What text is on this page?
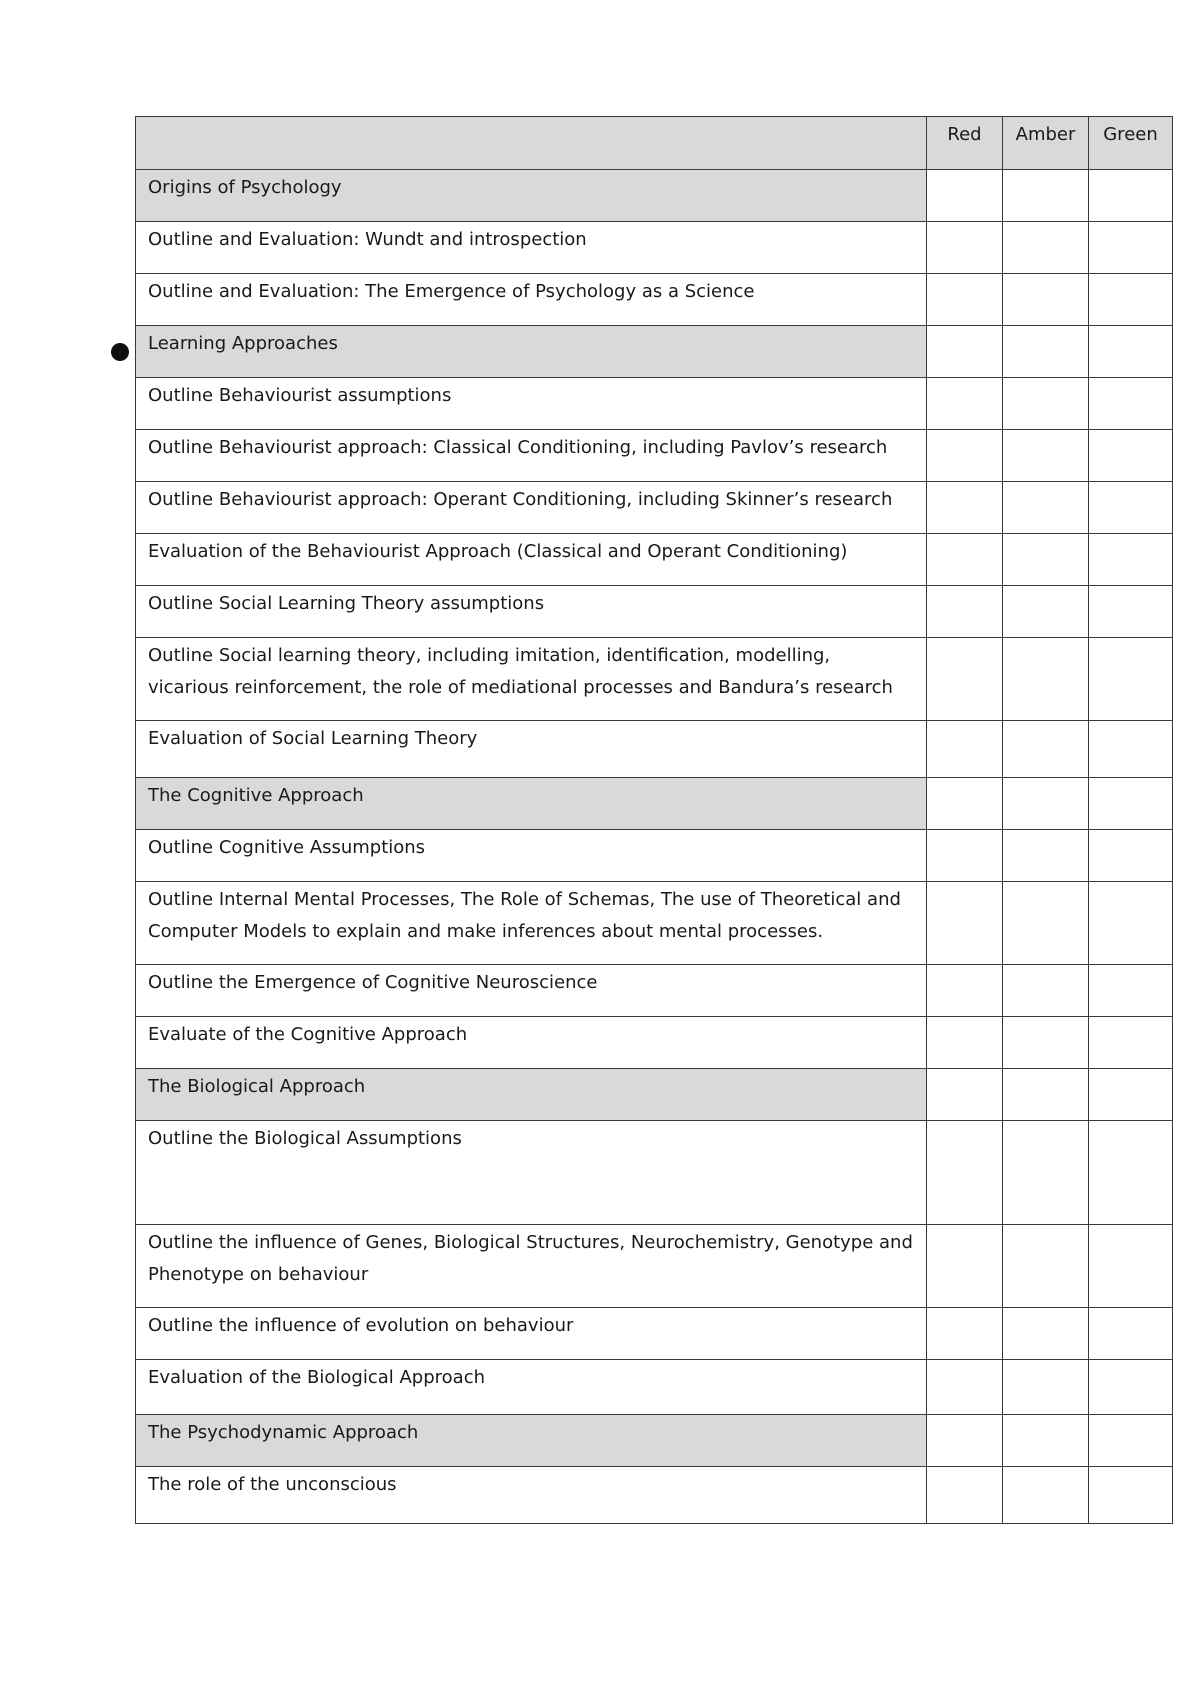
	Red	Amber	Green
Origins of Psychology			
Outline and Evaluation: Wundt and introspection			
Outline and Evaluation: The Emergence of Psychology as a Science			
Learning Approaches			
Outline Behaviourist assumptions			
Outline Behaviourist approach: Classical Conditioning, including Pavlov’s research			
Outline Behaviourist approach: Operant Conditioning, including Skinner’s research			
Evaluation of the Behaviourist Approach (Classical and Operant Conditioning)			
Outline Social Learning Theory assumptions			
Outline Social learning theory, including imitation, identification, modelling, vicarious reinforcement, the role of mediational processes and Bandura’s research			
Evaluation of Social Learning Theory			
The Cognitive Approach			
Outline Cognitive Assumptions			
Outline Internal Mental Processes, The Role of Schemas, The use of Theoretical and Computer Models to explain and make inferences about mental processes.			
Outline the Emergence of Cognitive Neuroscience			
Evaluate of the Cognitive Approach			
The Biological Approach			
Outline the Biological Assumptions			
Outline the influence of Genes, Biological Structures, Neurochemistry, Genotype and Phenotype on behaviour			
Outline the influence of evolution on behaviour			
Evaluation of the Biological Approach			
The Psychodynamic Approach			
The role of the unconscious			
